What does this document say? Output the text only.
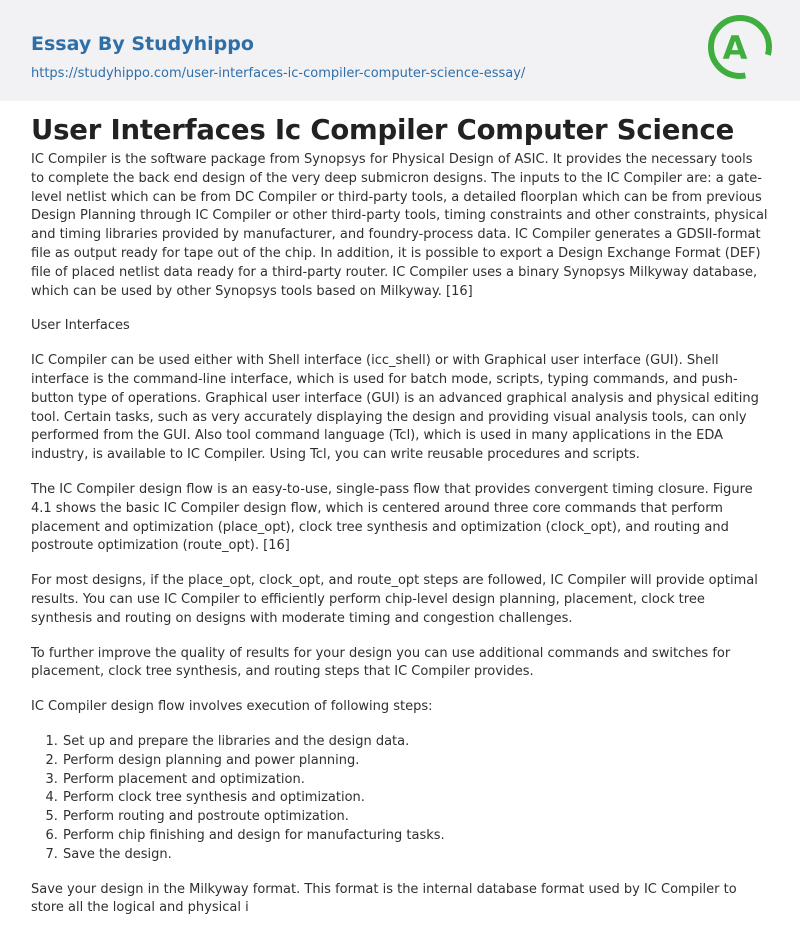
Essay By Studyhippo
https://studyhippo.com/user-interfaces-ic-compiler-computer-science-essay/
A
User Interfaces Ic Compiler Computer Science

IC Compiler is the software package from Synopsys for Physical Design of ASIC. It provides the necessary tools to complete the back end design of the very deep submicron designs. The inputs to the IC Compiler are: a gate-level netlist which can be from DC Compiler or third-party tools, a detailed floorplan which can be from previous Design Planning through IC Compiler or other third-party tools, timing constraints and other constraints, physical and timing libraries provided by manufacturer, and foundry-process data. IC Compiler generates a GDSII-format file as output ready for tape out of the chip. In addition, it is possible to export a Design Exchange Format (DEF) file of placed netlist data ready for a third-party router. IC Compiler uses a binary Synopsys Milkyway database, which can be used by other Synopsys tools based on Milkyway. [16]

User Interfaces

IC Compiler can be used either with Shell interface (icc_shell) or with Graphical user interface (GUI). Shell interface is the command-line interface, which is used for batch mode, scripts, typing commands, and push-button type of operations. Graphical user interface (GUI) is an advanced graphical analysis and physical editing tool. Certain tasks, such as very accurately displaying the design and providing visual analysis tools, can only performed from the GUI. Also tool command language (Tcl), which is used in many applications in the EDA industry, is available to IC Compiler. Using Tcl, you can write reusable procedures and scripts.

The IC Compiler design flow is an easy-to-use, single-pass flow that provides convergent timing closure. Figure 4.1 shows the basic IC Compiler design flow, which is centered around three core commands that perform placement and optimization (place_opt), clock tree synthesis and optimization (clock_opt), and routing and postroute optimization (route_opt). [16]

For most designs, if the place_opt, clock_opt, and route_opt steps are followed, IC Compiler will provide optimal results. You can use IC Compiler to efficiently perform chip-level design planning, placement, clock tree synthesis and routing on designs with moderate timing and congestion challenges.

To further improve the quality of results for your design you can use additional commands and switches for placement, clock tree synthesis, and routing steps that IC Compiler provides.

IC Compiler design flow involves execution of following steps:

1. Set up and prepare the libraries and the design data.
2. Perform design planning and power planning.
3. Perform placement and optimization.
4. Perform clock tree synthesis and optimization.
5. Perform routing and postroute optimization.
6. Perform chip finishing and design for manufacturing tasks.
7. Save the design.

Save your design in the Milkyway format. This format is the internal database format used by IC Compiler to store all the logical and physical i
